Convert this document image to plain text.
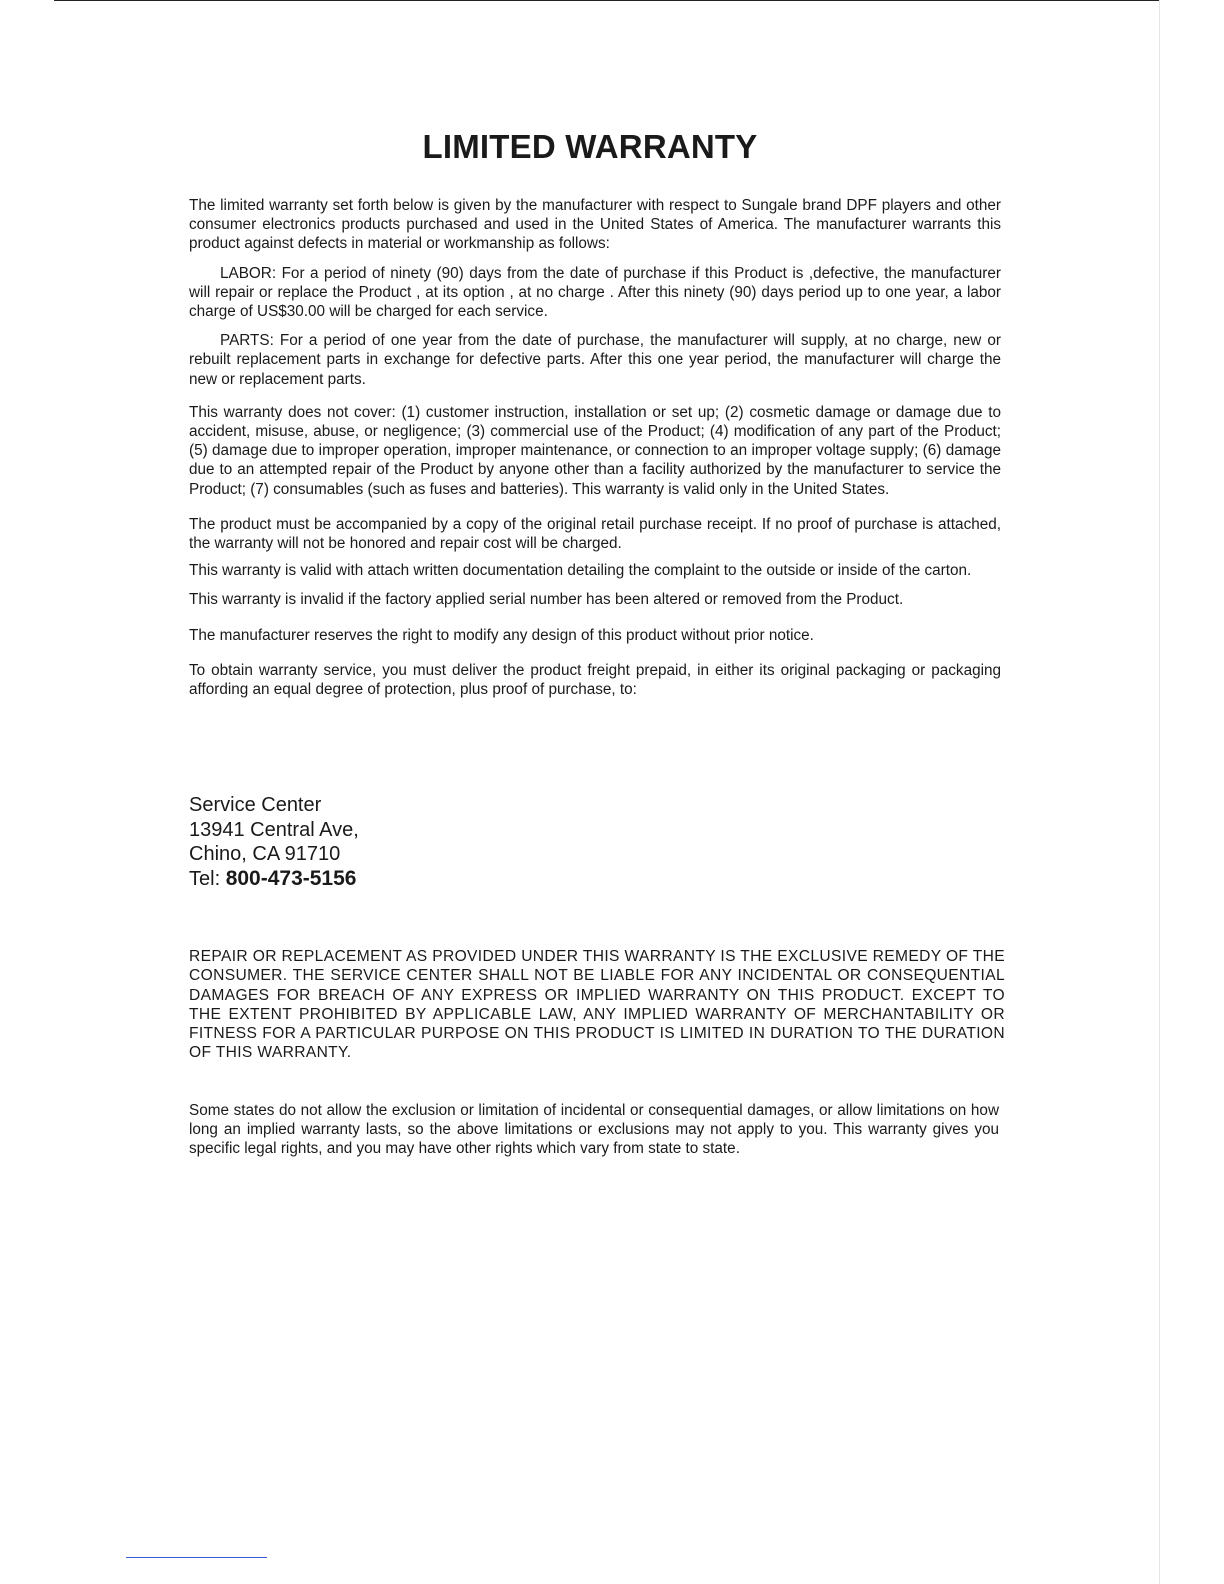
LIMITED WARRANTY

The limited warranty set forth below is given by the manufacturer with respect to Sungale brand DPF players and other consumer electronics products purchased and used in the United States of America. The manufacturer warrants this product against defects in material or workmanship as follows:

LABOR: For a period of ninety (90) days from the date of purchase if this Product is ,defective, the manufacturer will repair or replace the Product , at its option , at no charge . After this ninety (90) days period up to one year, a labor charge of US$30.00 will be charged for each service.

PARTS: For a period of one year from the date of purchase, the manufacturer will supply, at no charge, new or rebuilt replacement parts in exchange for defective parts. After this one year period, the manufacturer will charge the new or replacement parts.

This warranty does not cover: (1) customer instruction, installation or set up; (2) cosmetic damage or damage due to accident, misuse, abuse, or negligence; (3) commercial use of the Product; (4) modification of any part of the Product; (5) damage due to improper operation, improper maintenance, or connection to an improper voltage supply; (6) damage due to an attempted repair of the Product by anyone other than a facility authorized by the manufacturer to service the Product; (7) consumables (such as fuses and batteries). This warranty is valid only in the United States.

The product must be accompanied by a copy of the original retail purchase receipt. If no proof of purchase is attached, the warranty will not be honored and repair cost will be charged.

This warranty is valid with attach written documentation detailing the complaint to the outside or inside of the carton.

This warranty is invalid if the factory applied serial number has been altered or removed from the Product.

The manufacturer reserves the right to modify any design of this product without prior notice.

To obtain warranty service, you must deliver the product freight prepaid, in either its original packaging or packaging affording an equal degree of protection, plus proof of purchase, to:

Service Center
13941 Central Ave,
Chino, CA 91710
Tel: 800-473-5156

REPAIR OR REPLACEMENT AS PROVIDED UNDER THIS WARRANTY IS THE EXCLUSIVE REMEDY OF THE CONSUMER. THE SERVICE CENTER SHALL NOT BE LIABLE FOR ANY INCIDENTAL OR CONSEQUENTIAL DAMAGES FOR BREACH OF ANY EXPRESS OR IMPLIED WARRANTY ON THIS PRODUCT. EXCEPT TO THE EXTENT PROHIBITED BY APPLICABLE LAW, ANY IMPLIED WARRANTY OF MERCHANTABILITY OR FITNESS FOR A PARTICULAR PURPOSE ON THIS PRODUCT IS LIMITED IN DURATION TO THE DURATION OF THIS WARRANTY.

Some states do not allow the exclusion or limitation of incidental or consequential damages, or allow limitations on how long an implied warranty lasts, so the above limitations or exclusions may not apply to you. This warranty gives you specific legal rights, and you may have other rights which vary from state to state.
